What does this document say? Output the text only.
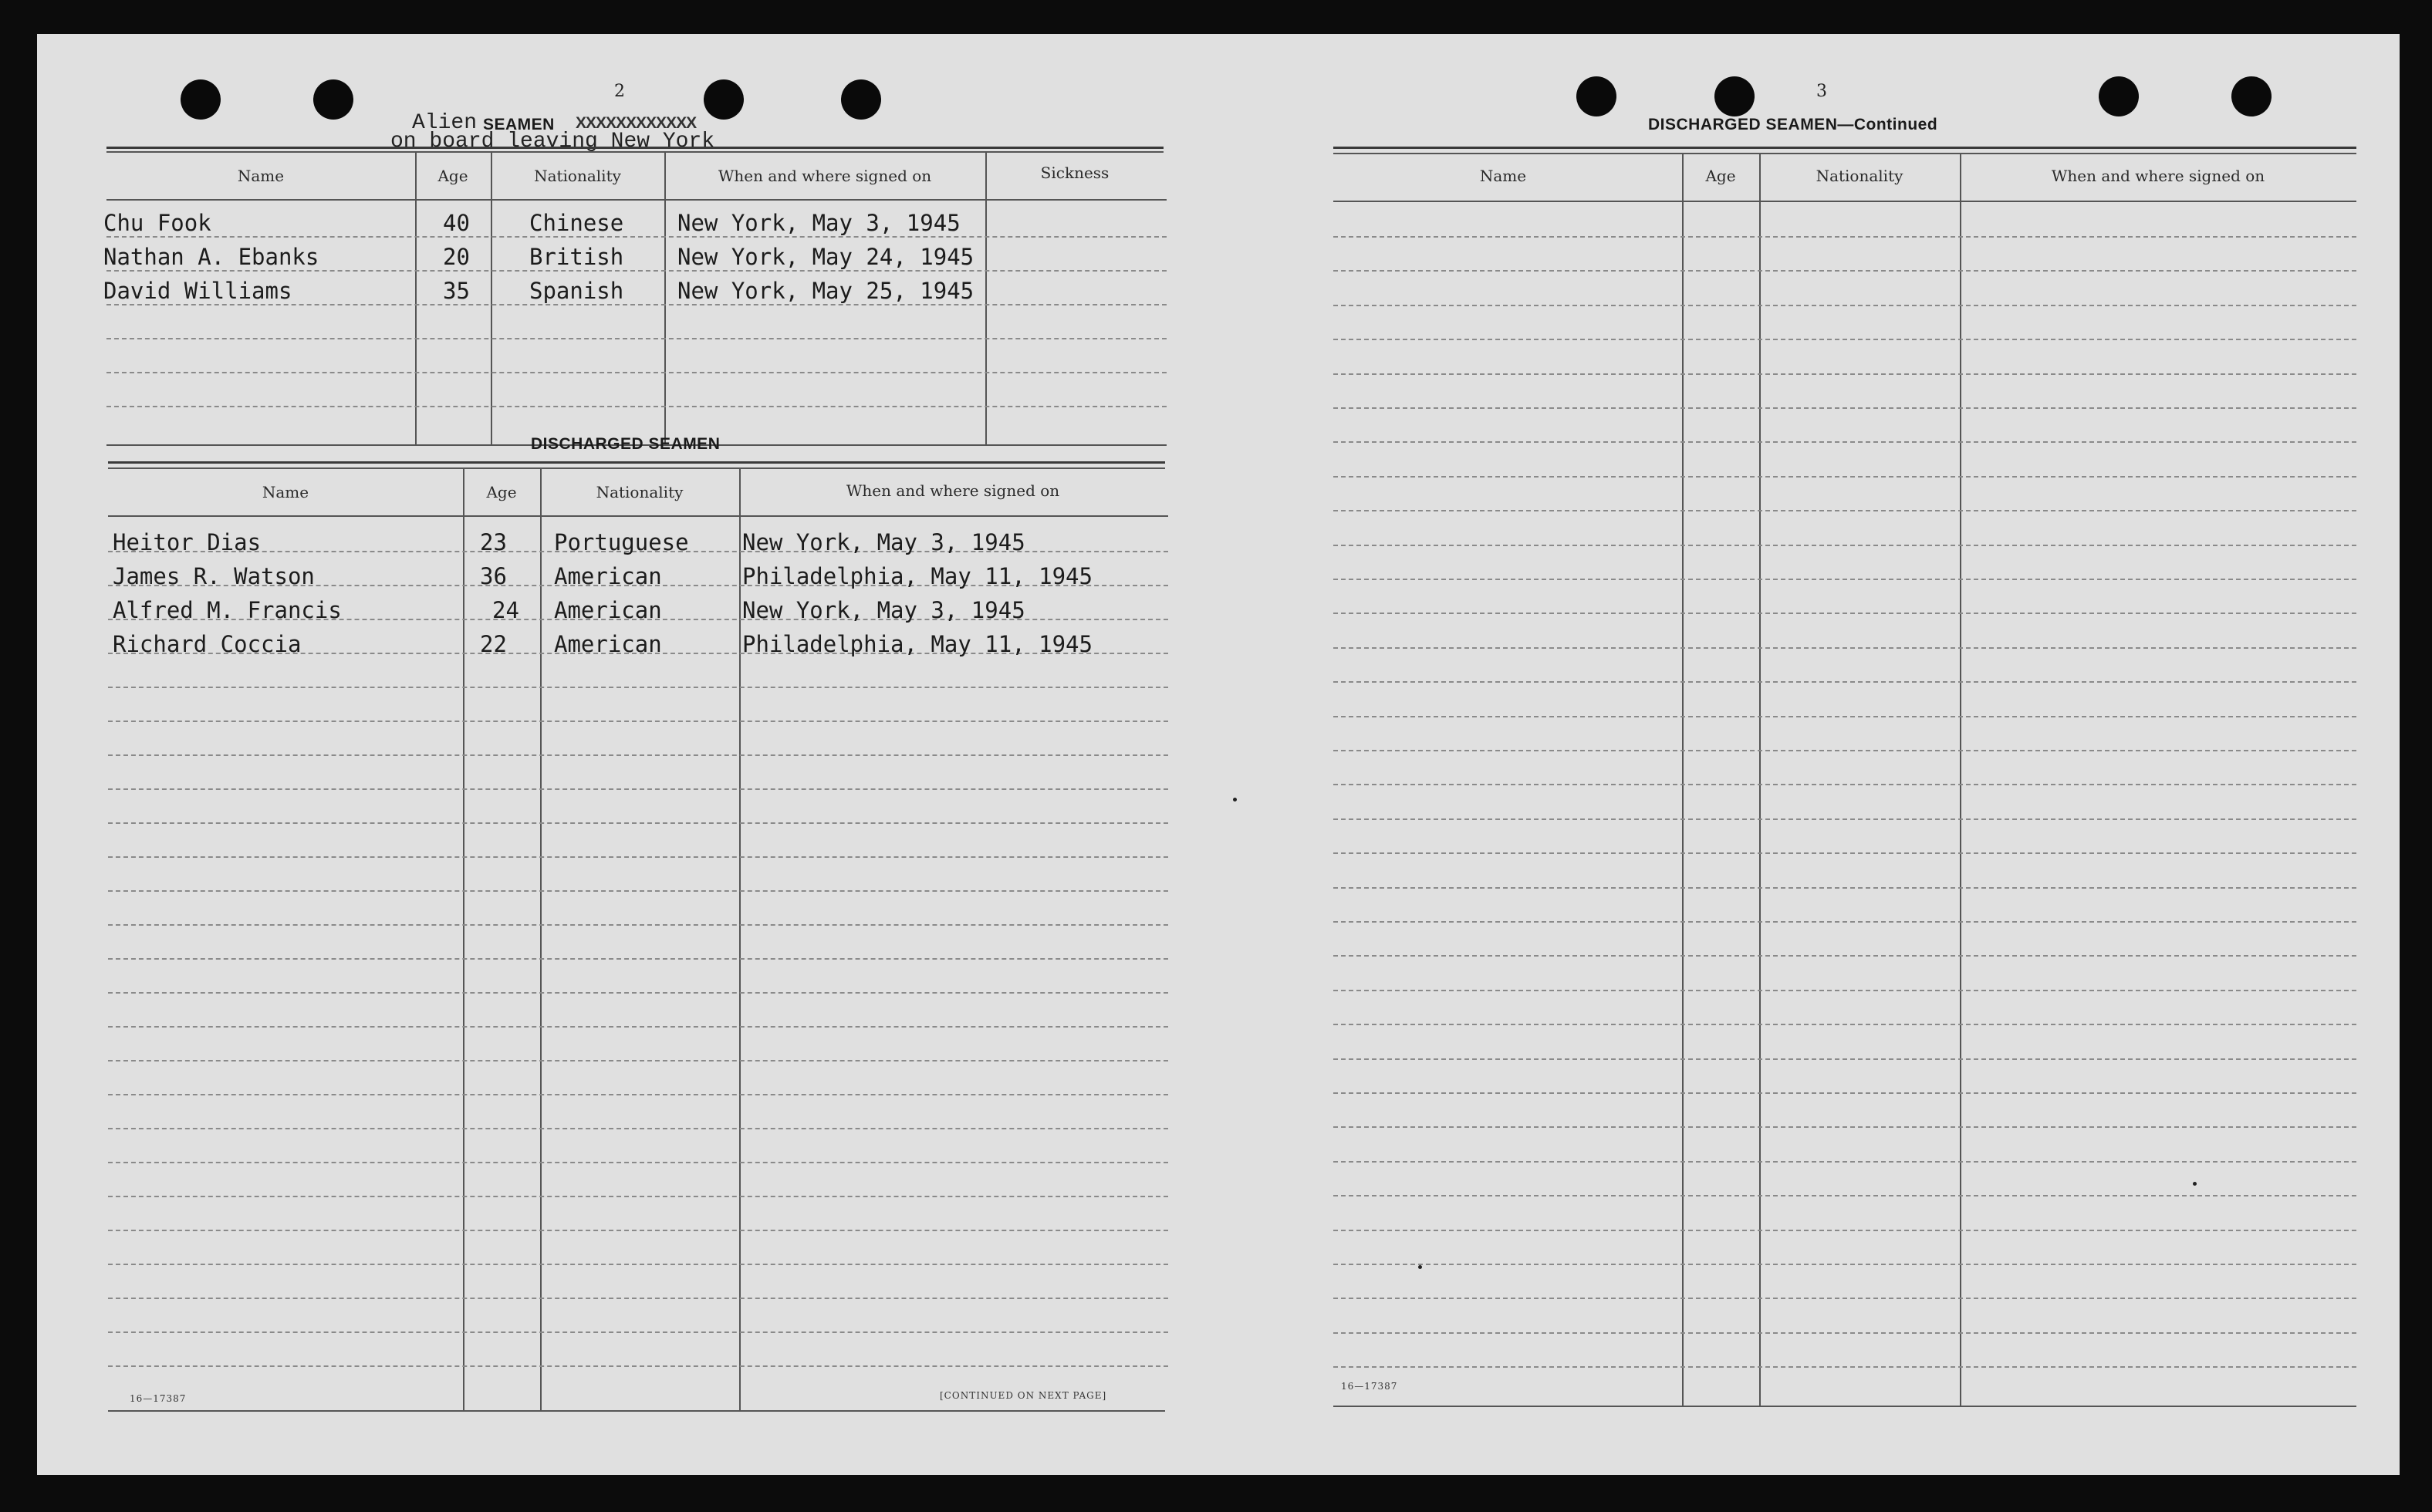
2
Alien SEAMEN XXXXXXXXXXXX
on board leaving New York
Name	Age	Nationality	When and where signed on	Sickness
Chu Fook	40	Chinese New York, May 3, 1945
Nathan A. Ebanks	20	British New York, May 24, 1945
David Williams	35	Spanish New York, May 25, 1945
DISCHARGED SEAMEN
Name	Age	Nationality	When and where signed on
Heitor Dias	23 Portuguese New York, May 3, 1945
James R. Watson	36 American	Philadelphia, May 11, 1945
Alfred M. Francis	24 American	New York, May 3, 1945
Richard Coccia	22 American	Philadelphia, May 11, 1945
16—17387	[CONTINUED ON NEXT PAGE]
3
DISCHARGED SEAMEN—Continued
Name	Age	Nationality	When and where signed on
16—17387
